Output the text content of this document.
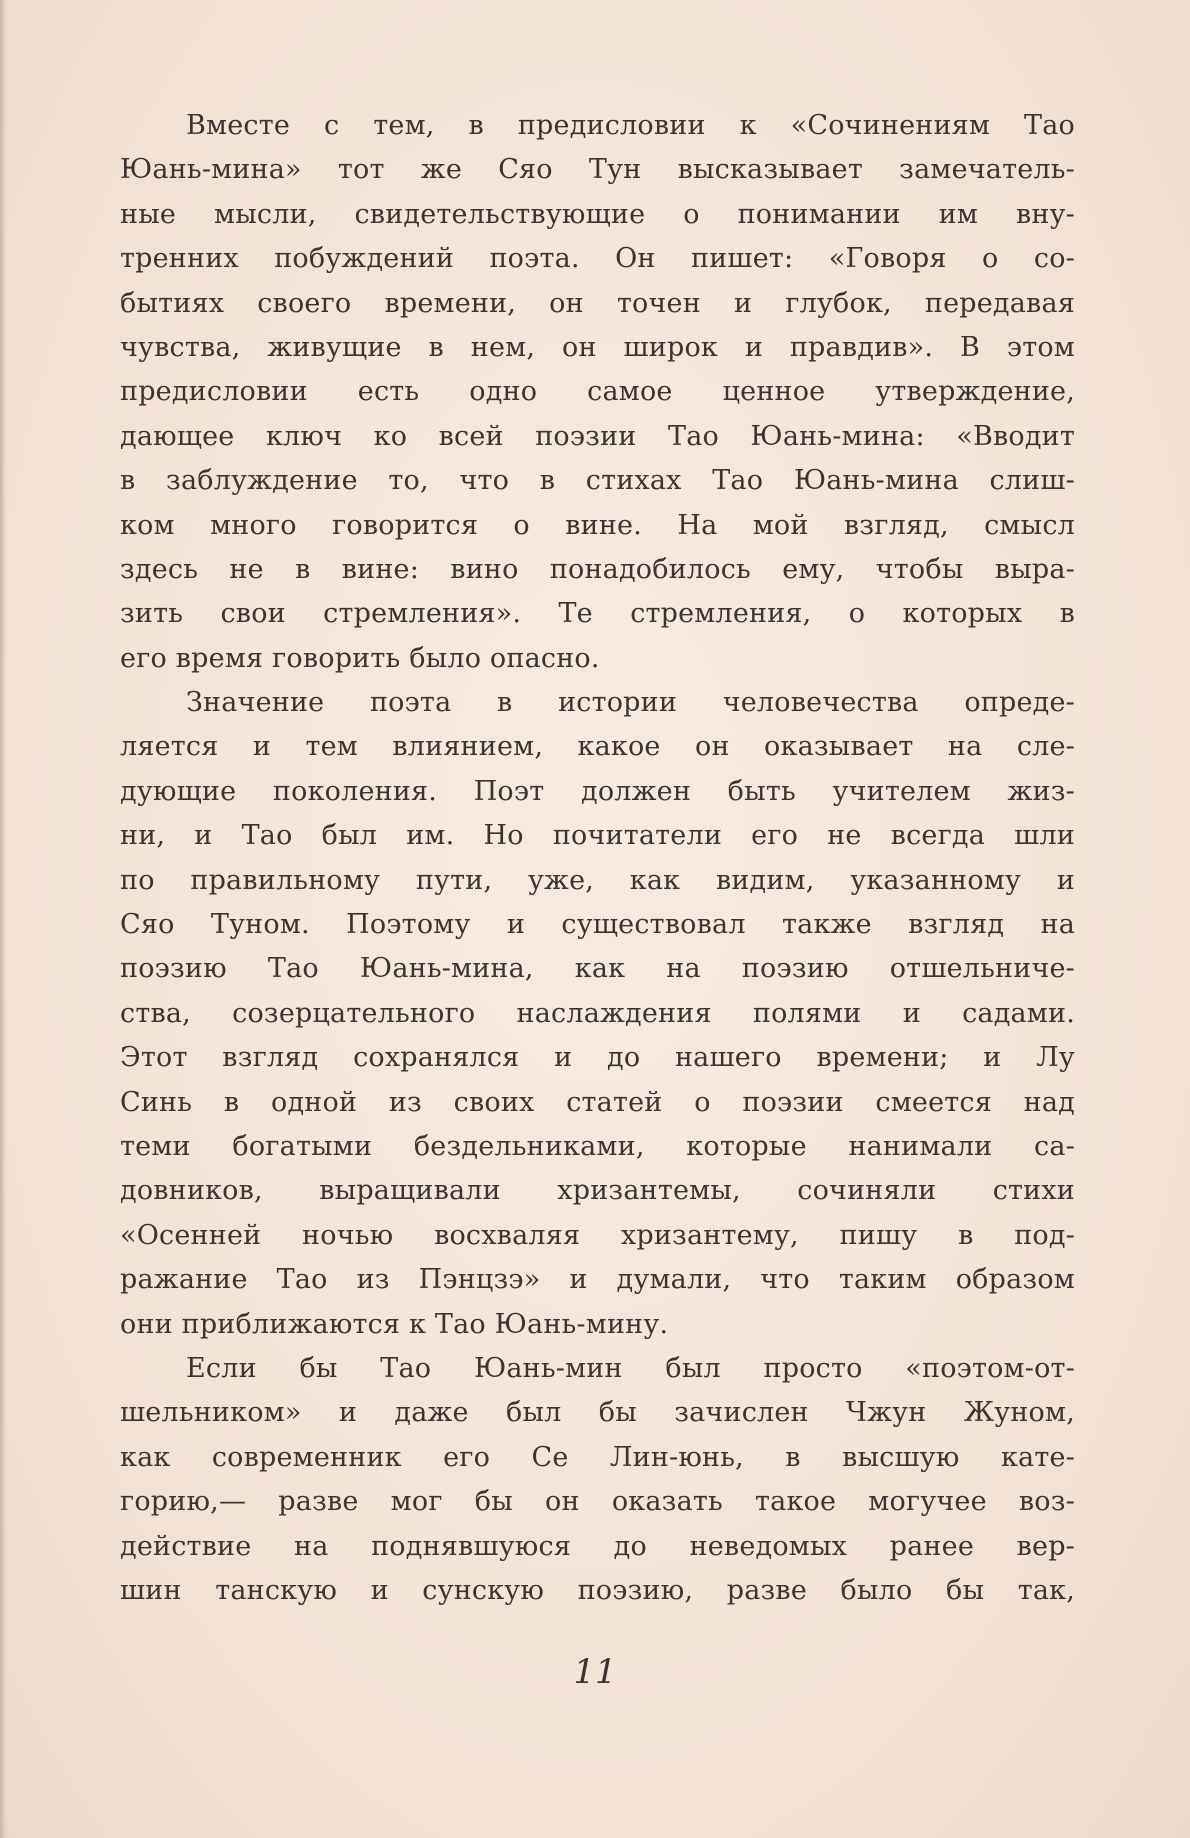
Вместе с тем, в предисловии к «Сочинениям Тао
Юань-мина» тот же Сяо Тун высказывает замечатель-
ные мысли, свидетельствующие о понимании им вну-
тренних побуждений поэта. Он пишет: «Говоря о со-
бытиях своего времени, он точен и глубок, передавая
чувства, живущие в нем, он широк и правдив». В этом
предисловии есть одно самое ценное утверждение,
дающее ключ ко всей поэзии Тао Юань-мина: «Вводит
в заблуждение то, что в стихах Тао Юань-мина слиш-
ком много говорится о вине. На мой взгляд, смысл
здесь не в вине: вино понадобилось ему, чтобы выра-
зить свои стремления». Те стремления, о которых в
его время говорить было опасно.
Значение поэта в истории человечества опреде-
ляется и тем влиянием, какое он оказывает на сле-
дующие поколения. Поэт должен быть учителем жиз-
ни, и Тао был им. Но почитатели его не всегда шли
по правильному пути, уже, как видим, указанному и
Сяо Туном. Поэтому и существовал также взгляд на
поэзию Тао Юань-мина, как на поэзию отшельниче-
ства, созерцательного наслаждения полями и садами.
Этот взгляд сохранялся и до нашего времени; и Лу
Синь в одной из своих статей о поэзии смеется над
теми богатыми бездельниками, которые нанимали са-
довников, выращивали хризантемы, сочиняли стихи
«Осенней ночью восхваляя хризантему, пишу в под-
ражание Тао из Пэнцзэ» и думали, что таким образом
они приближаются к Тао Юань-мину.
Если бы Тао Юань-мин был просто «поэтом-от-
шельником» и даже был бы зачислен Чжун Жуном,
как современник его Се Лин-юнь, в высшую кате-
горию,— разве мог бы он оказать такое могучее воз-
действие на поднявшуюся до неведомых ранее вер-
шин танскую и сунскую поэзию, разве было бы так,
11
